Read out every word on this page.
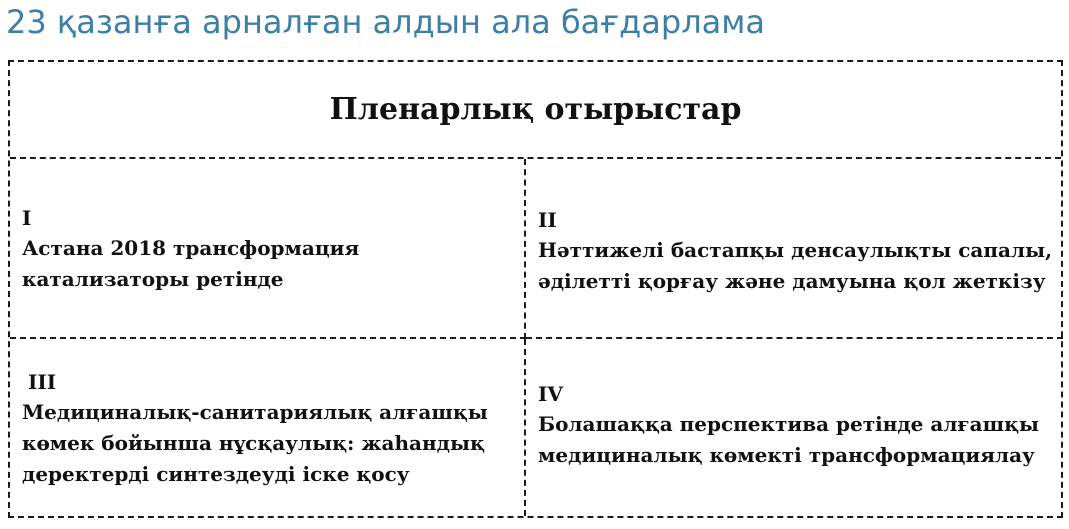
23 қазанға арналған алдын ала бағдарлама
Пленарлық отырыстар
I
Астана 2018 трансформация
катализаторы ретінде
II
Нәттижелі бастапқы денсаулықты сапалы,
әділетті қорғау және дамуына қол жеткізу
III
Медициналық-санитариялық алғашқы
көмек бойынша нұсқаулық: жаһандық
деректерді синтездеуді іске қосу
IV
Болашаққа перспектива ретінде алғашқы
медициналық көмекті трансформациялау
